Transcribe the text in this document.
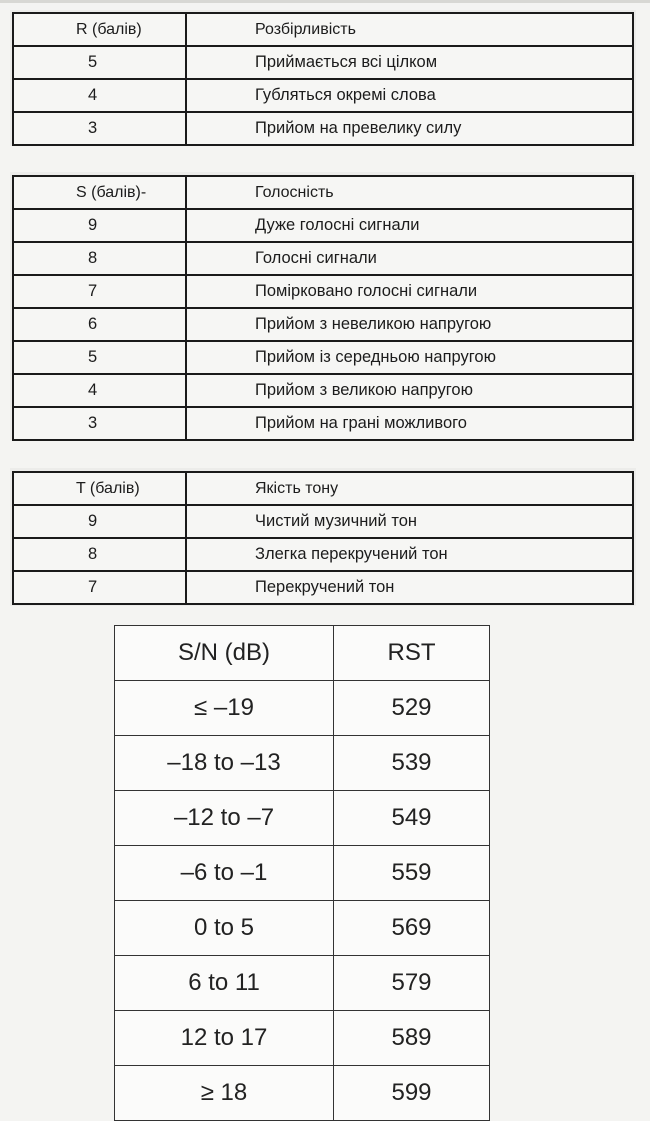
R (балів)	Розбірливість
5	Приймається всі цілком
4	Губляться окремі слова
3	Прийом на превелику силу
S (балів)-	Голосність
9	Дуже голосні сигнали
8	Голосні сигнали
7	Помірковано голосні сигнали
6	Прийом з невеликою напругою
5	Прийом із середньою напругою
4	Прийом з великою напругою
3	Прийом на грані можливого
T (балів)	Якість тону
9	Чистий музичний тон
8	Злегка перекручений тон
7	Перекручений тон
S/N (dB)	RST
≤ –19	529
–18 to –13	539
–12 to –7	549
–6 to –1	559
0 to 5	569
6 to 11	579
12 to 17	589
≥ 18	599
